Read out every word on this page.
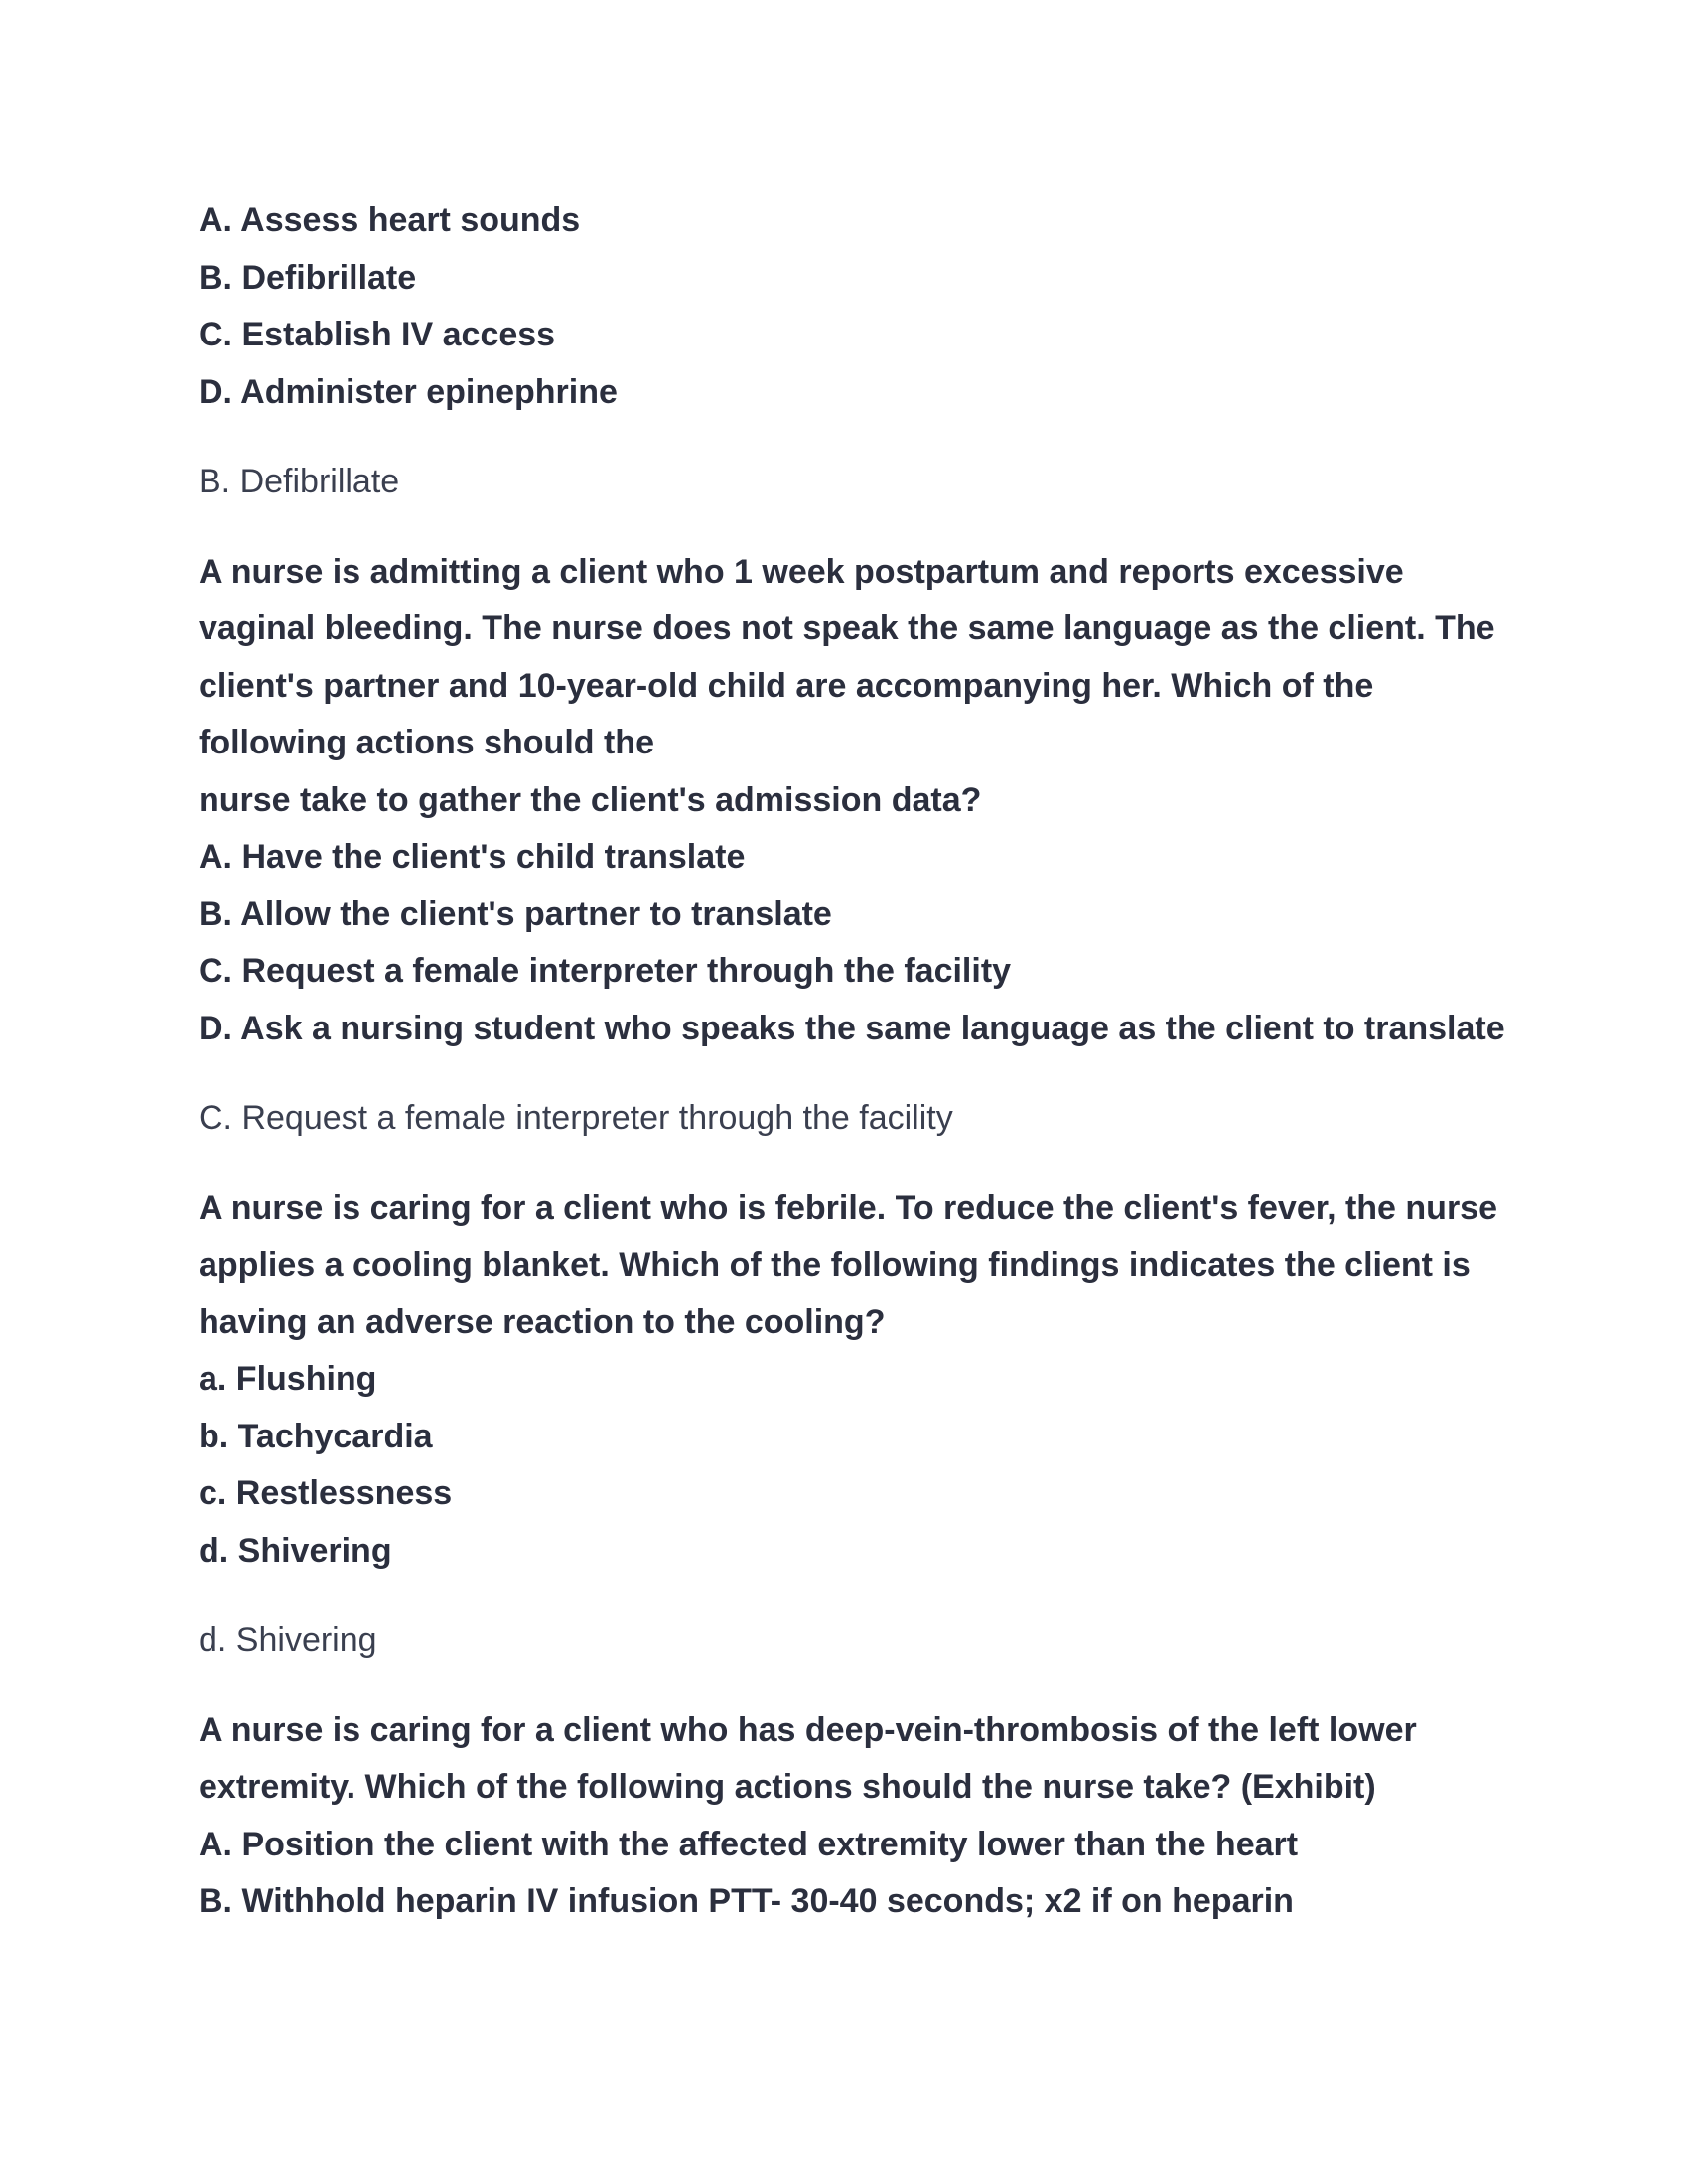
A. Assess heart sounds
B. Defibrillate
C. Establish IV access
D. Administer epinephrine
B. Defibrillate
A nurse is admitting a client who 1 week postpartum and reports excessive
vaginal bleeding. The nurse does not speak the same language as the client. The
client's partner and 10-year-old child are accompanying her. Which of the
following actions should the
nurse take to gather the client's admission data?
A. Have the client's child translate
B. Allow the client's partner to translate
C. Request a female interpreter through the facility
D. Ask a nursing student who speaks the same language as the client to translate
C. Request a female interpreter through the facility
A nurse is caring for a client who is febrile. To reduce the client's fever, the nurse
applies a cooling blanket. Which of the following findings indicates the client is
having an adverse reaction to the cooling?
a. Flushing
b. Tachycardia
c. Restlessness
d. Shivering
d. Shivering
A nurse is caring for a client who has deep-vein-thrombosis of the left lower
extremity. Which of the following actions should the nurse take? (Exhibit)
A. Position the client with the affected extremity lower than the heart
B. Withhold heparin IV infusion PTT- 30-40 seconds; x2 if on heparin
